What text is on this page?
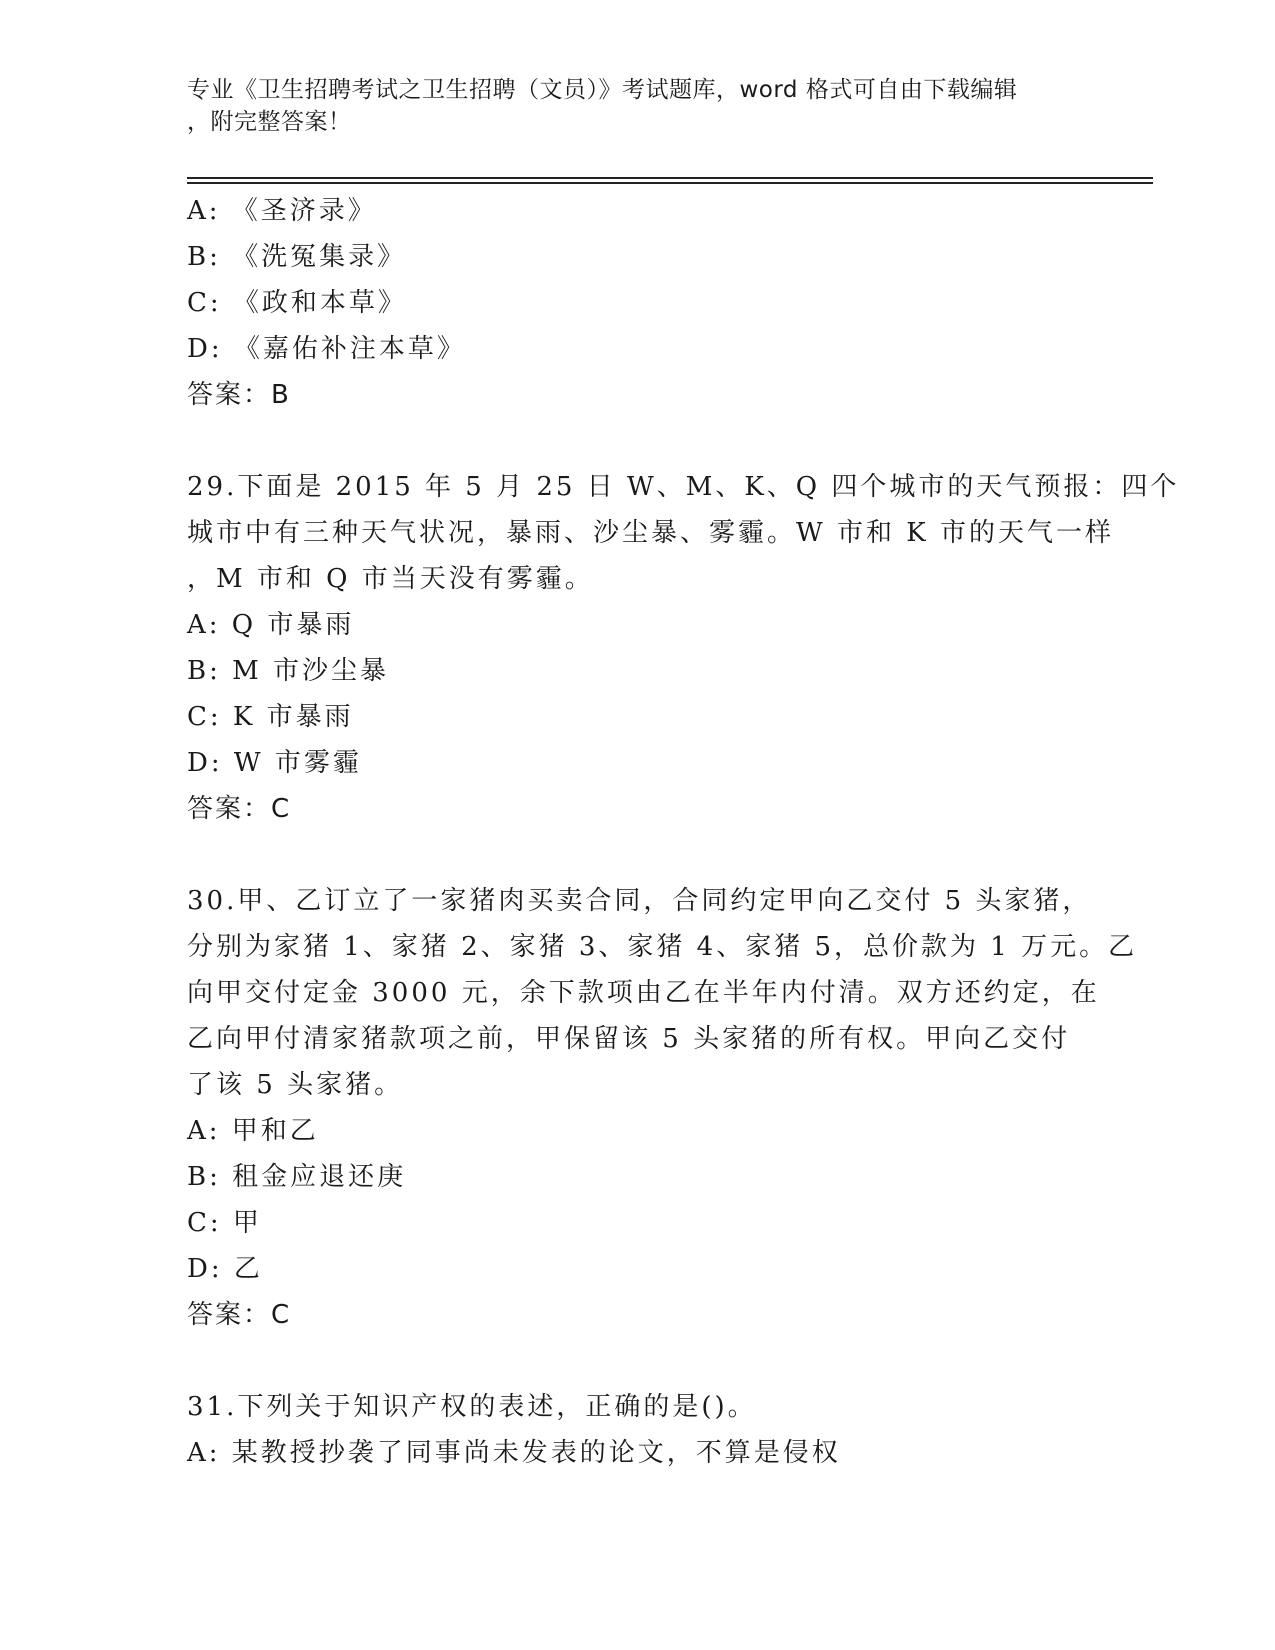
专业《卫生招聘考试之卫生招聘（文员）》考试题库，word 格式可自由下载编辑
，附完整答案！

A: 《圣济录》

B: 《洗冤集录》

C: 《政和本草》

D: 《嘉佑补注本草》

答案：B

29.下面是 2015 年 5 月 25 日 W、M、K、Q 四个城市的天气预报：四个

城市中有三种天气状况，暴雨、沙尘暴、雾霾。W 市和 K 市的天气一样

，M 市和 Q 市当天没有雾霾。

A: Q 市暴雨

B: M 市沙尘暴

C: K 市暴雨

D: W 市雾霾

答案：C

30.甲、乙订立了一家猪肉买卖合同，合同约定甲向乙交付 5 头家猪，

分别为家猪 1、家猪 2、家猪 3、家猪 4、家猪 5，总价款为 1 万元。乙

向甲交付定金 3000 元，余下款项由乙在半年内付清。双方还约定，在

乙向甲付清家猪款项之前，甲保留该 5 头家猪的所有权。甲向乙交付

了该 5 头家猪。

A: 甲和乙

B: 租金应退还庚

C: 甲

D: 乙

答案：C

31.下列关于知识产权的表述，正确的是()。

A: 某教授抄袭了同事尚未发表的论文，不算是侵权
